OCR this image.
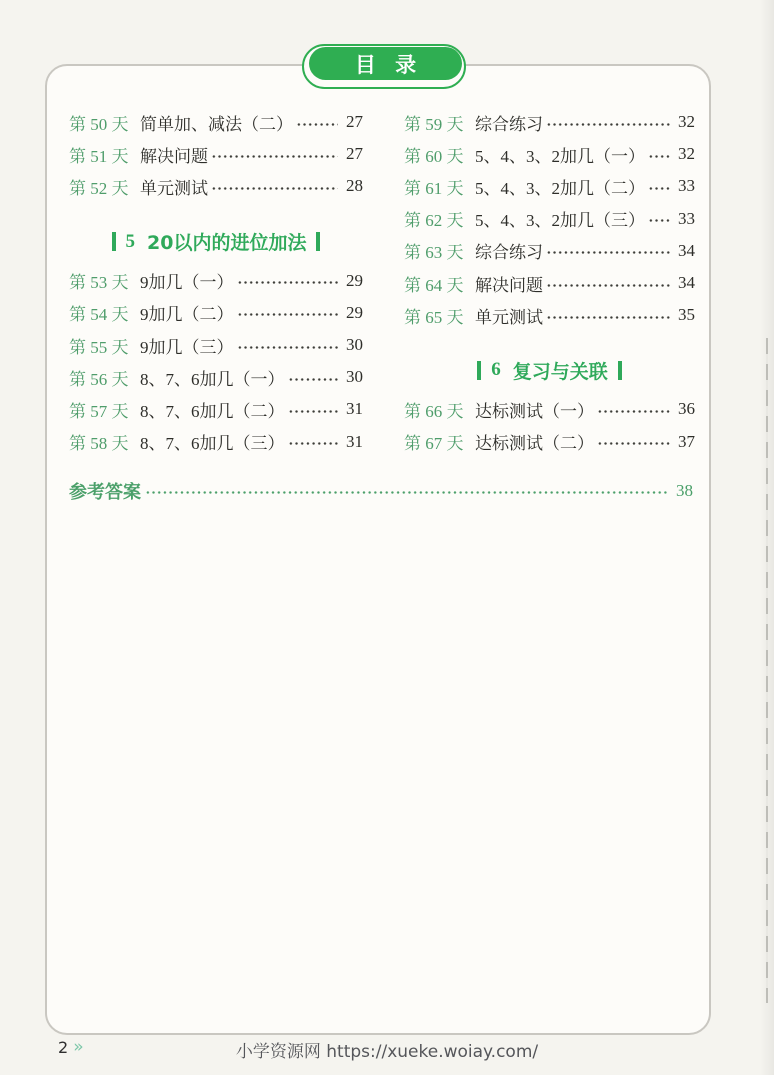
目 录
第 50 天 简单加、减法（二）	27
第 51 天 解决问题	27
第 52 天 单元测试	28
5 20以内的进位加法
第 53 天 9加几（一）	29
第 54 天 9加几（二）	29
第 55 天 9加几（三）	30
第 56 天 8、7、6加几（一）	30
第 57 天 8、7、6加几（二）	31
第 58 天 8、7、6加几（三）	31
第 59 天 综合练习	32
第 60 天 5、4、3、2加几（一） 32
第 61 天 5、4、3、2加几（二） 33
第 62 天 5、4、3、2加几（三） 33
第 63 天 综合练习	34
第 64 天 解决问题	34
第 65 天 单元测试	35
6 复习与关联
第 66 天 达标测试（一）	36
第 67 天 达标测试（二）	37
参考答案	38
2 »	小学资源网 https://xueke.woiay.com/
